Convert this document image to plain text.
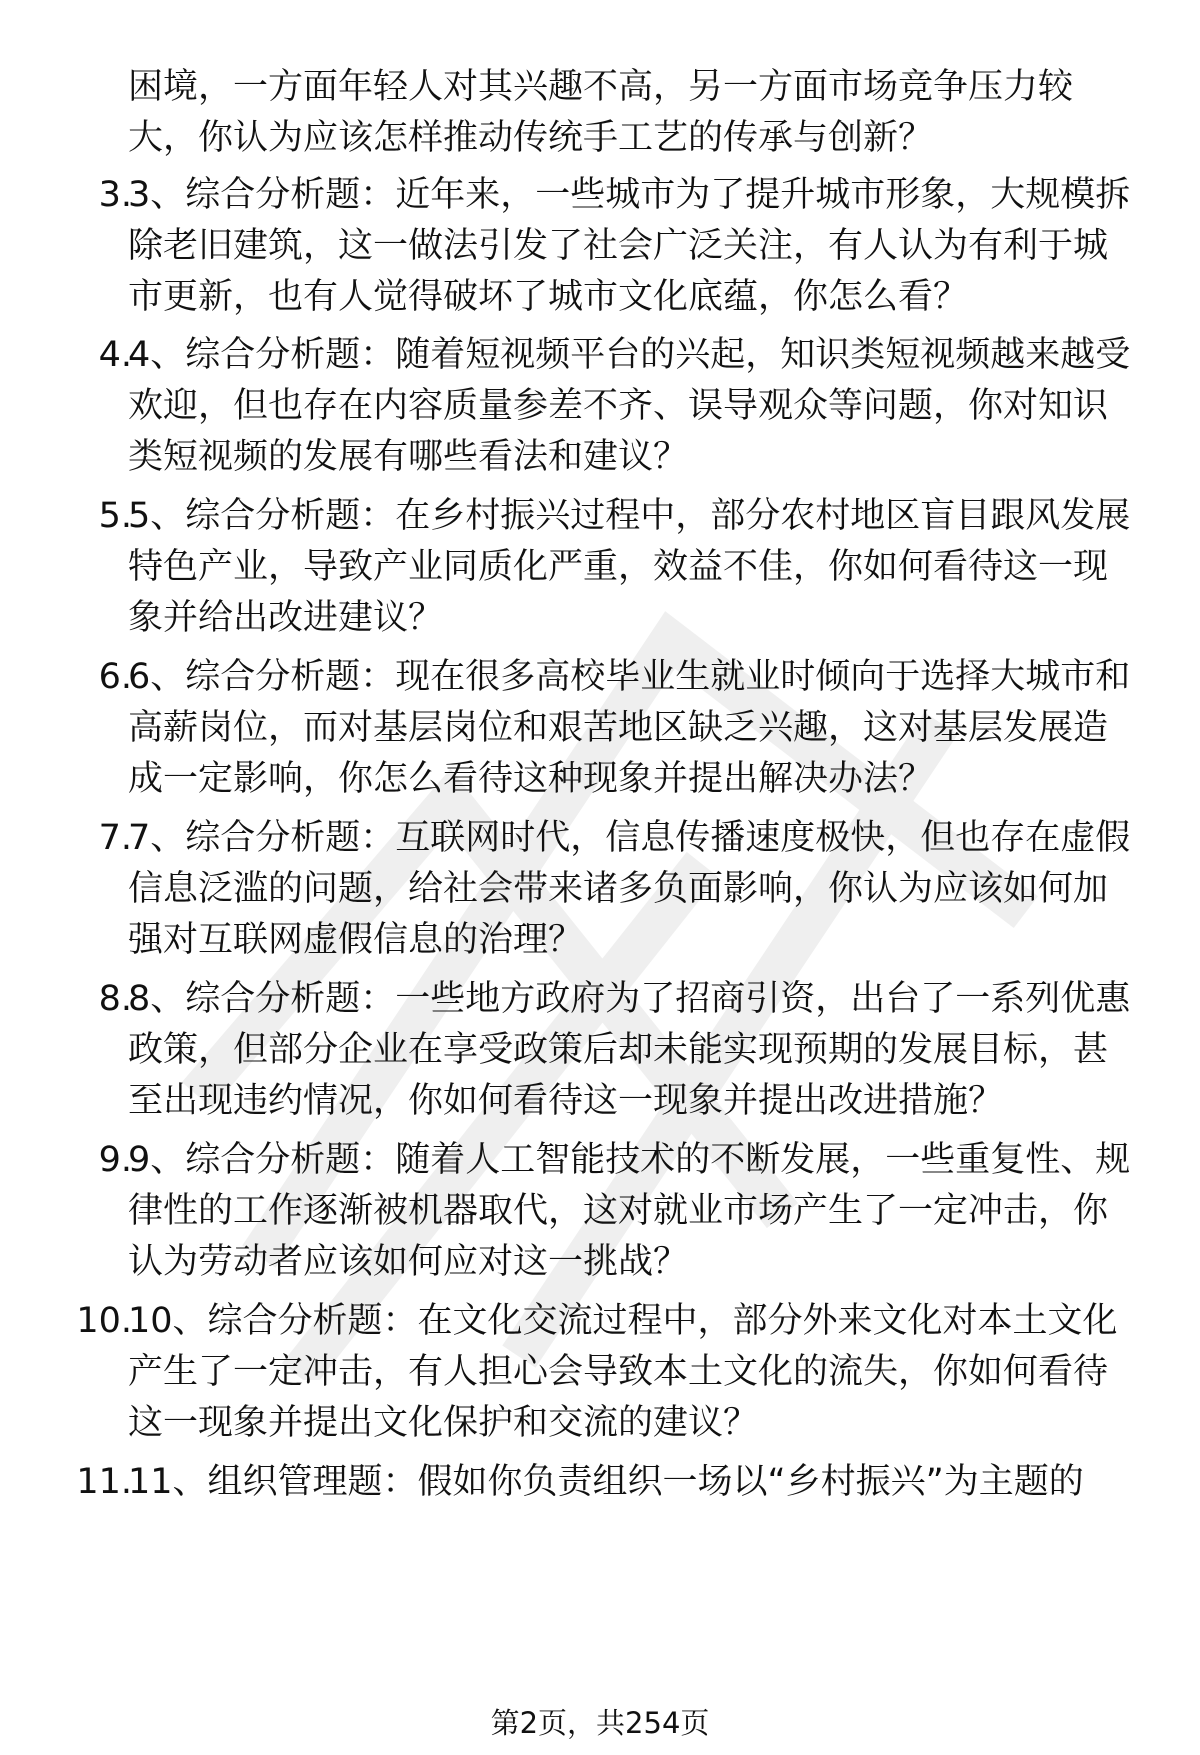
困境，一方面年轻人对其兴趣不高，另一方面市场竞争压力较
大，你认为应该怎样推动传统手工艺的传承与创新？
3.
3、综合分析题：近年来，一些城市为了提升城市形象，大规模拆
除老旧建筑，这一做法引发了社会广泛关注，有人认为有利于城
市更新，也有人觉得破坏了城市文化底蕴，你怎么看？
4.
4、综合分析题：随着短视频平台的兴起，知识类短视频越来越受
欢迎，但也存在内容质量参差不齐、误导观众等问题，你对知识
类短视频的发展有哪些看法和建议？
5.
5、综合分析题：在乡村振兴过程中，部分农村地区盲目跟风发展
特色产业，导致产业同质化严重，效益不佳，你如何看待这一现
象并给出改进建议？
6.
6、综合分析题：现在很多高校毕业生就业时倾向于选择大城市和
高薪岗位，而对基层岗位和艰苦地区缺乏兴趣，这对基层发展造
成一定影响，你怎么看待这种现象并提出解决办法？
7.
7、综合分析题：互联网时代，信息传播速度极快，但也存在虚假
信息泛滥的问题，给社会带来诸多负面影响，你认为应该如何加
强对互联网虚假信息的治理？
8.
8、综合分析题：一些地方政府为了招商引资，出台了一系列优惠
政策，但部分企业在享受政策后却未能实现预期的发展目标，甚
至出现违约情况，你如何看待这一现象并提出改进措施？
9.
9、综合分析题：随着人工智能技术的不断发展，一些重复性、规
律性的工作逐渐被机器取代，这对就业市场产生了一定冲击，你
认为劳动者应该如何应对这一挑战？
10.
10、综合分析题：在文化交流过程中，部分外来文化对本土文化
产生了一定冲击，有人担心会导致本土文化的流失，你如何看待
这一现象并提出文化保护和交流的建议？
11.
11、组织管理题：假如你负责组织一场以“乡村振兴”为主题的
第2页，共254页
